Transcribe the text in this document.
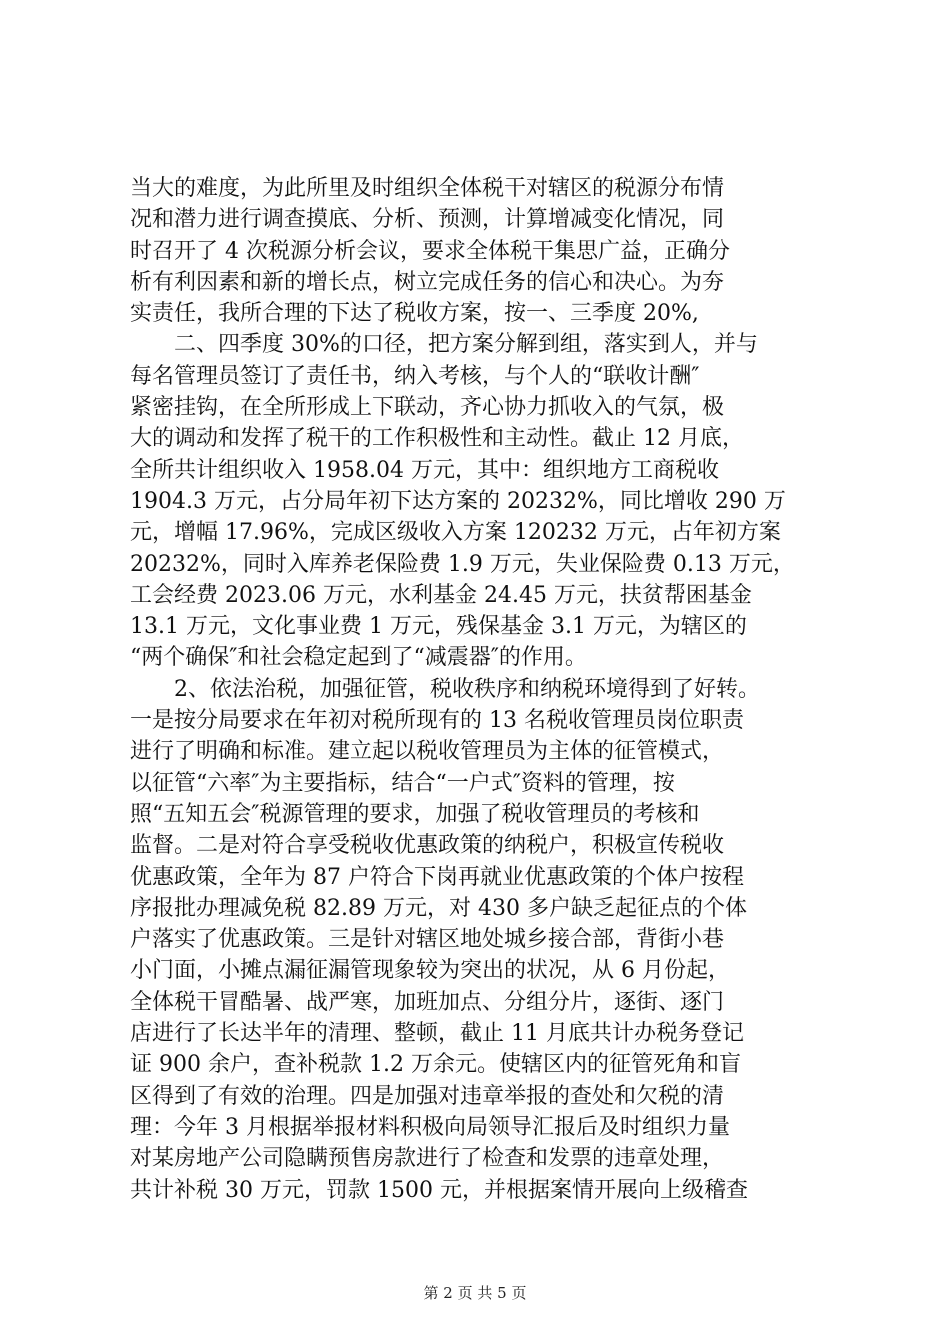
当大的难度，为此所里及时组织全体税干对辖区的税源分布情
况和潜力进行调查摸底、分析、预测，计算增减变化情况，同
时召开了 4 次税源分析会议，要求全体税干集思广益，正确分
析有利因素和新的增长点，树立完成任务的信心和决心。为夯
实责任，我所合理的下达了税收方案，按一、三季度 20%,
　　二、四季度 30%的口径，把方案分解到组，落实到人，并与
每名管理员签订了责任书，纳入考核，与个人的“联收计酬″
紧密挂钩，在全所形成上下联动，齐心协力抓收入的气氛，极
大的调动和发挥了税干的工作积极性和主动性。截止 12 月底，
全所共计组织收入 1958.04 万元，其中：组织地方工商税收
1904.3 万元，占分局年初下达方案的 20232%，同比增收 290 万
元，增幅 17.96%，完成区级收入方案 120232 万元，占年初方案
20232%，同时入库养老保险费 1.9 万元，失业保险费 0.13 万元，
工会经费 2023.06 万元，水利基金 24.45 万元，扶贫帮困基金
13.1 万元，文化事业费 1 万元，残保基金 3.1 万元，为辖区的
“两个确保″和社会稳定起到了“减震器″的作用。
　　2、依法治税，加强征管，税收秩序和纳税环境得到了好转。
一是按分局要求在年初对税所现有的 13 名税收管理员岗位职责
进行了明确和标准。建立起以税收管理员为主体的征管模式，
以征管“六率″为主要指标，结合“一户式″资料的管理，按
照“五知五会″税源管理的要求，加强了税收管理员的考核和
监督。二是对符合享受税收优惠政策的纳税户，积极宣传税收
优惠政策，全年为 87 户符合下岗再就业优惠政策的个体户按程
序报批办理减免税 82.89 万元，对 430 多户缺乏起征点的个体
户落实了优惠政策。三是针对辖区地处城乡接合部，背街小巷
小门面，小摊点漏征漏管现象较为突出的状况，从 6 月份起，
全体税干冒酷暑、战严寒，加班加点、分组分片，逐街、逐门
店进行了长达半年的清理、整顿，截止 11 月底共计办税务登记
证 900 余户，查补税款 1.2 万余元。使辖区内的征管死角和盲
区得到了有效的治理。四是加强对违章举报的查处和欠税的清
理：今年 3 月根据举报材料积极向局领导汇报后及时组织力量
对某房地产公司隐瞒预售房款进行了检查和发票的违章处理，
共计补税 30 万元，罚款 1500 元，并根据案情开展向上级稽查
第 2 页 共 5 页
